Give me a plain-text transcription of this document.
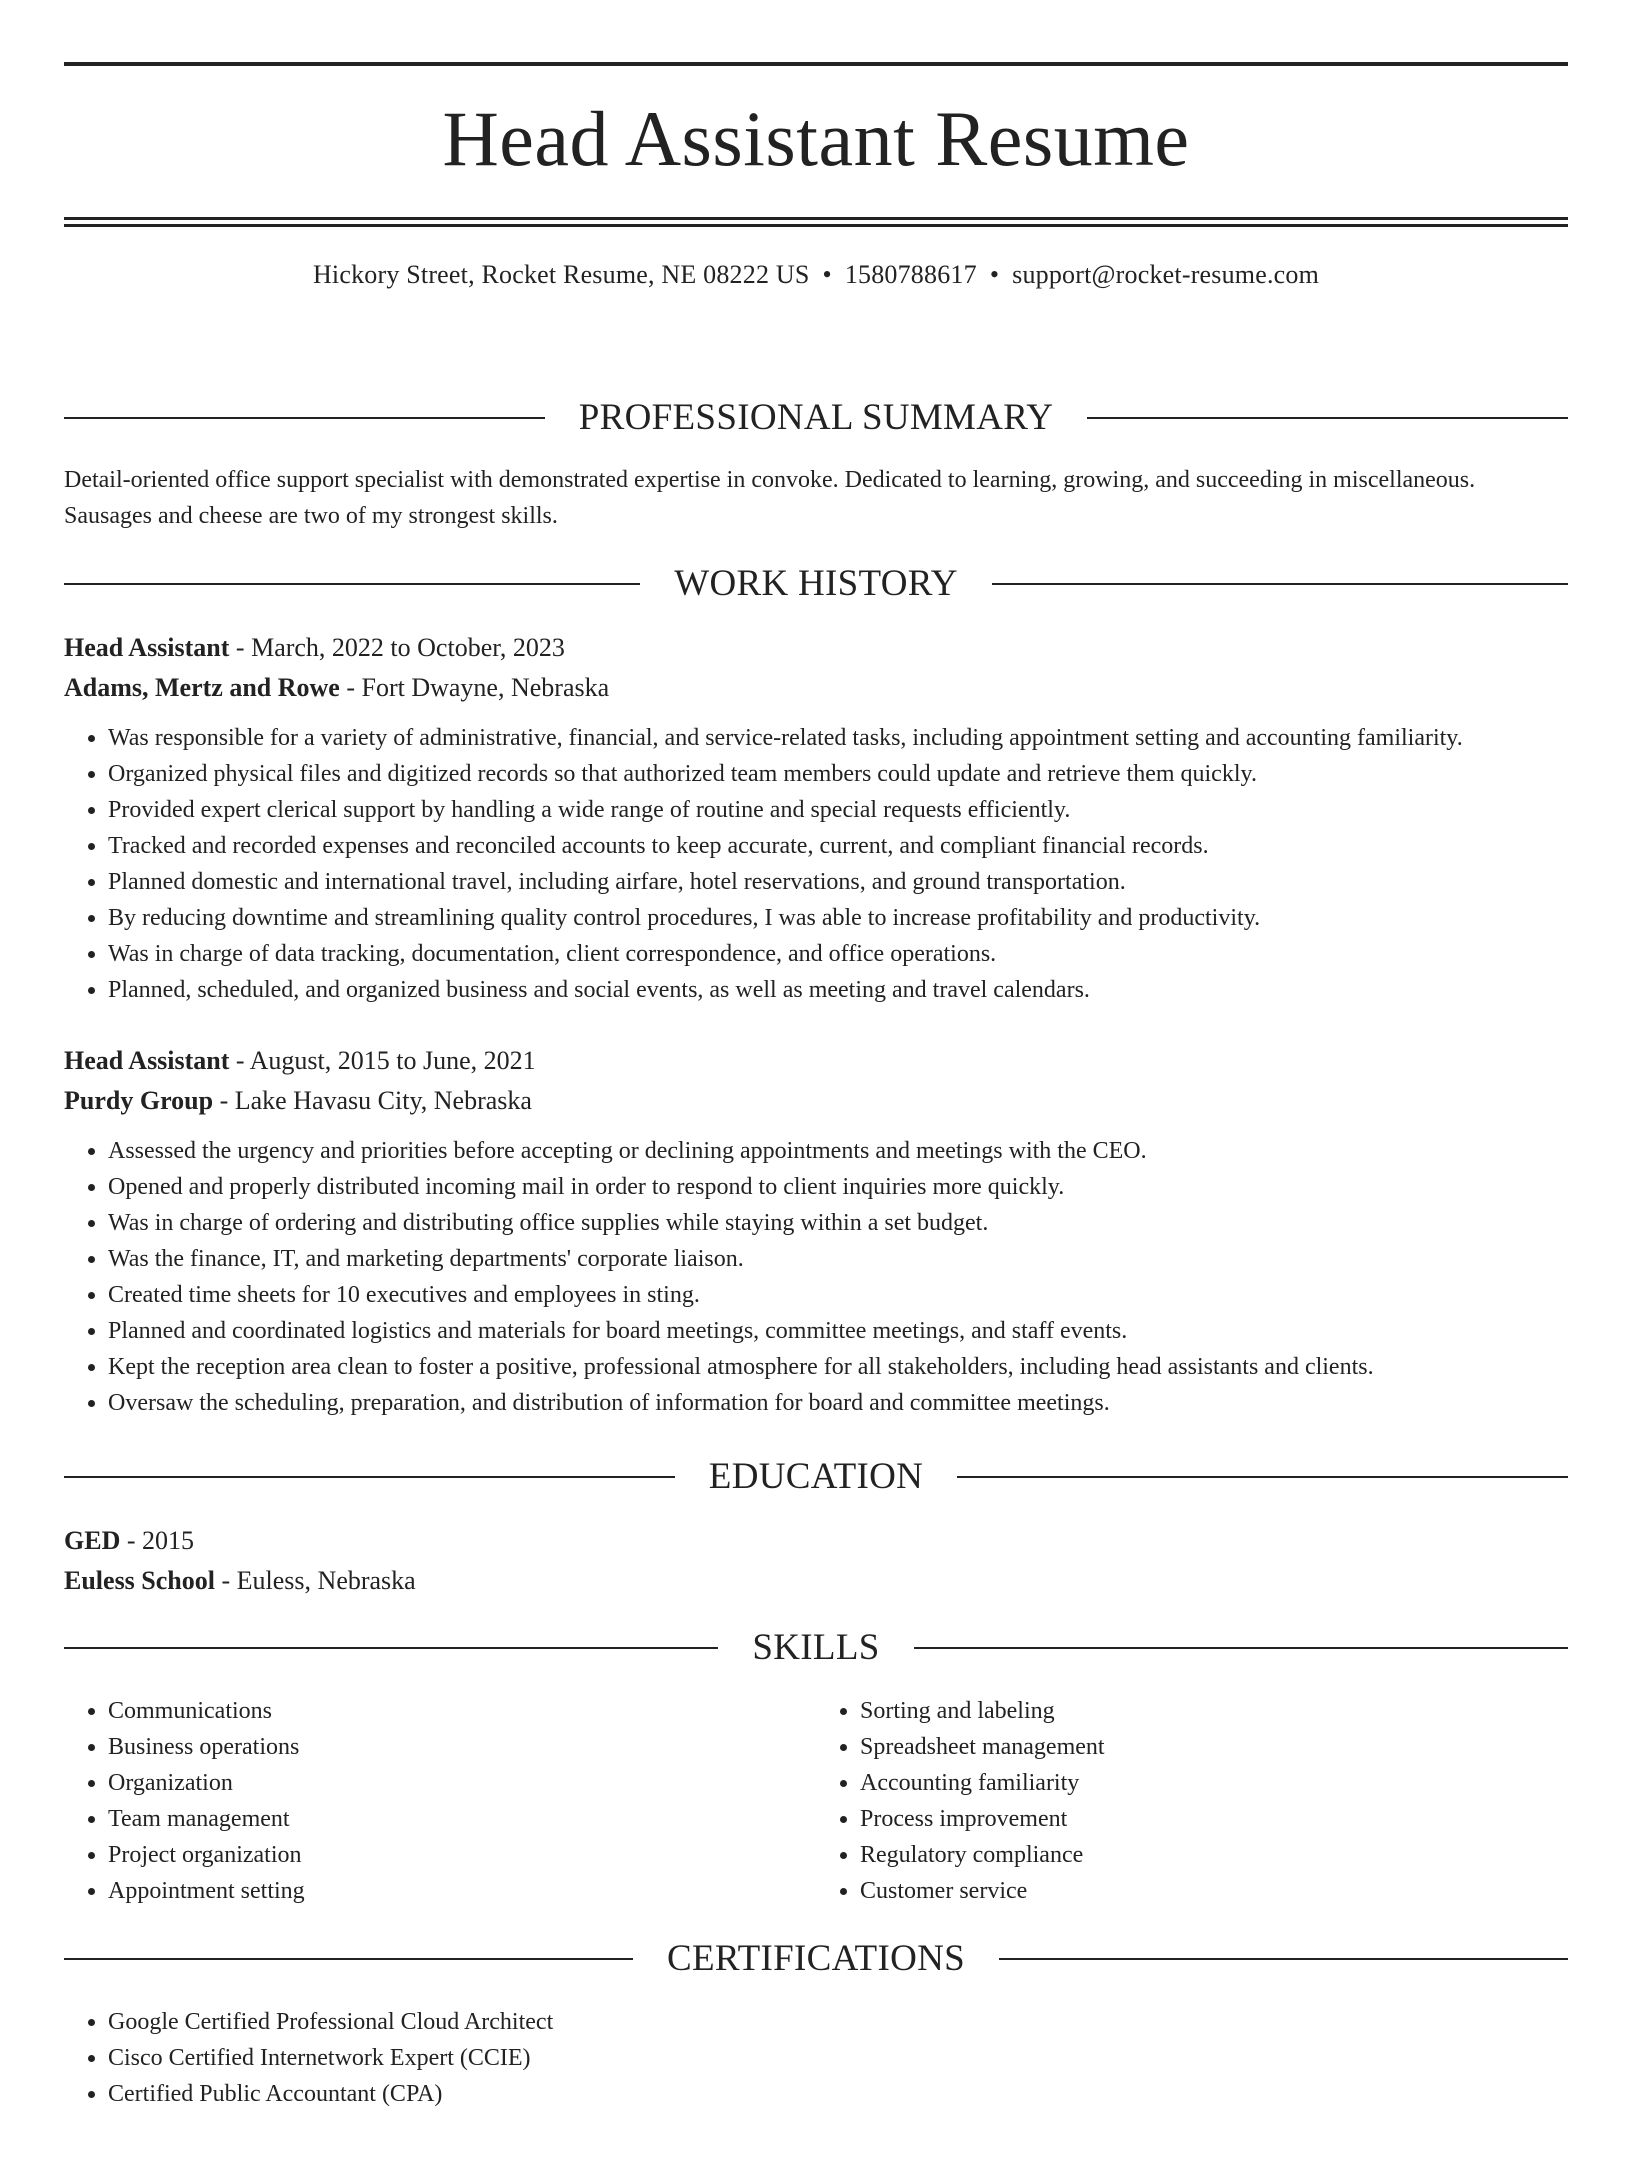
Head Assistant Resume
Hickory Street, Rocket Resume, NE 08222 US • 1580788617 • support@rocket-resume.com
PROFESSIONAL SUMMARY

Detail-oriented office support specialist with demonstrated expertise in convoke. Dedicated to learning, growing, and succeeding in miscellaneous. Sausages and cheese are two of my strongest skills.

WORK HISTORY
Head Assistant - March, 2022 to October, 2023
Adams, Mertz and Rowe - Fort Dwayne, Nebraska
• Was responsible for a variety of administrative, financial, and service-related tasks, including appointment setting and accounting familiarity.
• Organized physical files and digitized records so that authorized team members could update and retrieve them quickly.
• Provided expert clerical support by handling a wide range of routine and special requests efficiently.
• Tracked and recorded expenses and reconciled accounts to keep accurate, current, and compliant financial records.
• Planned domestic and international travel, including airfare, hotel reservations, and ground transportation.
• By reducing downtime and streamlining quality control procedures, I was able to increase profitability and productivity.
• Was in charge of data tracking, documentation, client correspondence, and office operations.
• Planned, scheduled, and organized business and social events, as well as meeting and travel calendars.
Head Assistant - August, 2015 to June, 2021
Purdy Group - Lake Havasu City, Nebraska
• Assessed the urgency and priorities before accepting or declining appointments and meetings with the CEO.
• Opened and properly distributed incoming mail in order to respond to client inquiries more quickly.
• Was in charge of ordering and distributing office supplies while staying within a set budget.
• Was the finance, IT, and marketing departments' corporate liaison.
• Created time sheets for 10 executives and employees in sting.
• Planned and coordinated logistics and materials for board meetings, committee meetings, and staff events.
• Kept the reception area clean to foster a positive, professional atmosphere for all stakeholders, including head assistants and clients.
• Oversaw the scheduling, preparation, and distribution of information for board and committee meetings.
EDUCATION
GED - 2015
Euless School - Euless, Nebraska
SKILLS
• Communications
• Business operations
• Organization
• Team management
• Project organization
• Appointment setting
• Sorting and labeling
• Spreadsheet management
• Accounting familiarity
• Process improvement
• Regulatory compliance
• Customer service
CERTIFICATIONS
• Google Certified Professional Cloud Architect
• Cisco Certified Internetwork Expert (CCIE)
• Certified Public Accountant (CPA)
